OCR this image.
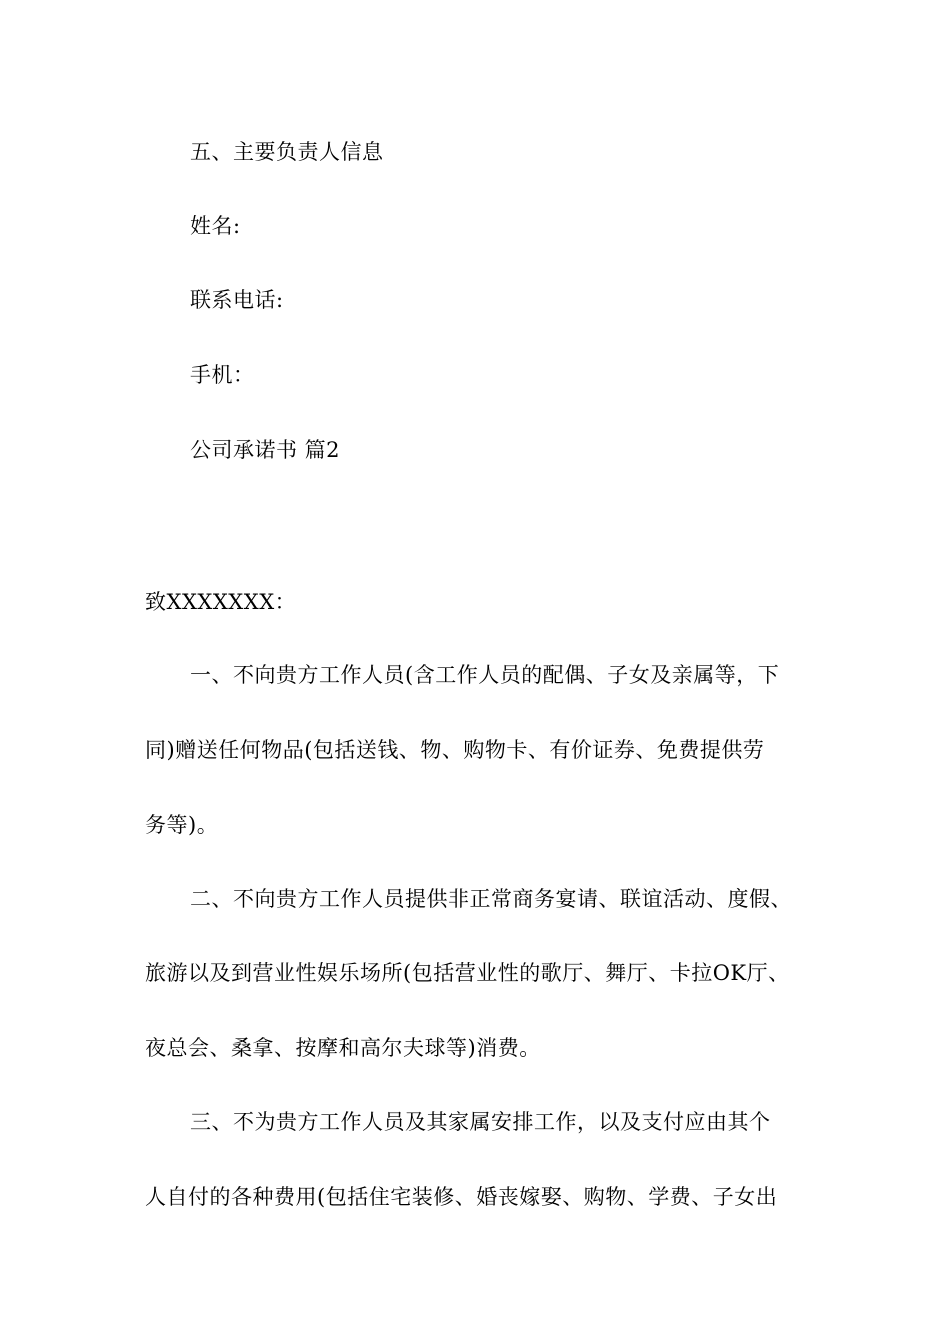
五、主要负责人信息
姓名:
联系电话:
手机：
公司承诺书 篇2
致XXXXXXX：
一、不向贵方工作人员(含工作人员的配偶、子女及亲属等，下
同)赠送任何物品(包括送钱、物、购物卡、有价证券、免费提供劳
务等)。
二、不向贵方工作人员提供非正常商务宴请、联谊活动、度假、
旅游以及到营业性娱乐场所(包括营业性的歌厅、舞厅、卡拉OK厅、
夜总会、桑拿、按摩和高尔夫球等)消费。
三、不为贵方工作人员及其家属安排工作，以及支付应由其个
人自付的各种费用(包括住宅装修、婚丧嫁娶、购物、学费、子女出
